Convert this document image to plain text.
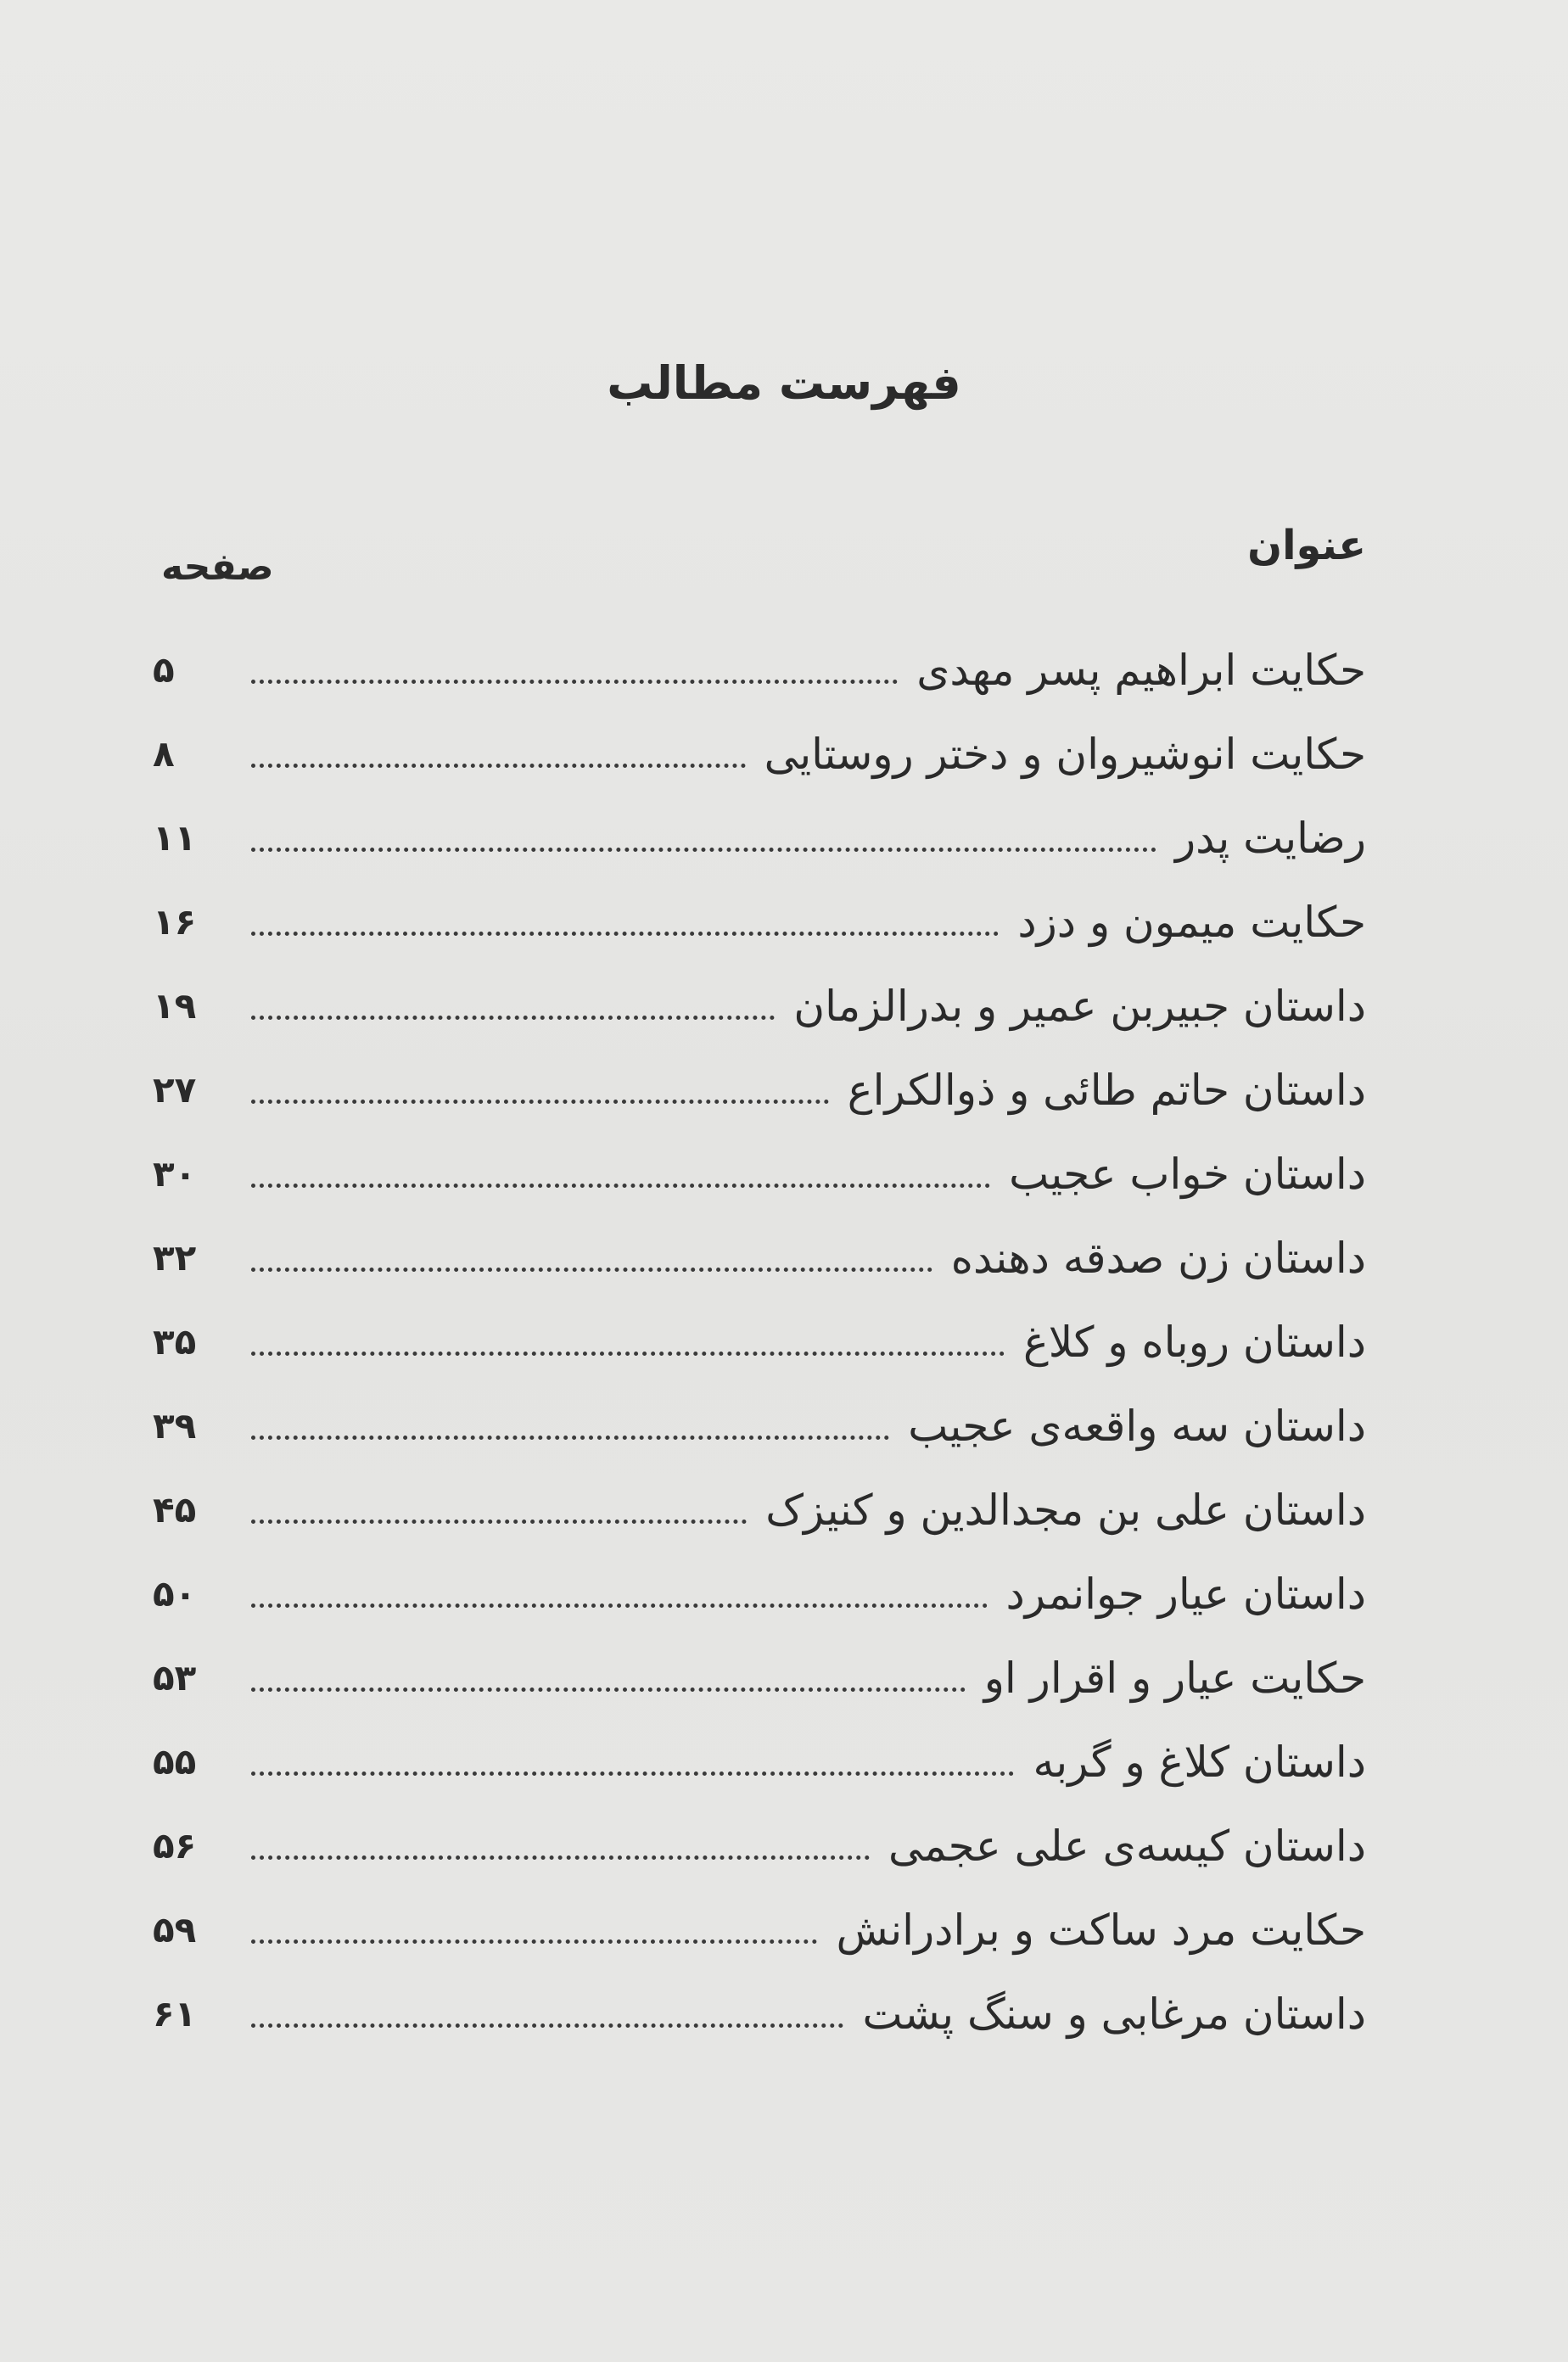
فهرست مطالب
عنوان
صفحه
حکایت ابراهیم پسر مهدی
۵
حکایت انوشیروان و دختر روستایی
۸
رضایت پدر
۱۱
حکایت میمون و دزد
۱۶
داستان جبیربن عمیر و بدرالزمان
۱۹
داستان حاتم طائی و ذوالکراع
۲۷
داستان خواب عجیب
۳۰
داستان زن صدقه دهنده
۳۲
داستان روباه و کلاغ
۳۵
داستان سه واقعه‌ی عجیب
۳۹
داستان علی بن مجدالدین و کنیزک
۴۵
داستان عیار جوانمرد
۵۰
حکایت عیار و اقرار او
۵۳
داستان کلاغ و گربه
۵۵
داستان کیسه‌ی علی عجمی
۵۶
حکایت مرد ساکت و برادرانش
۵۹
داستان مرغابی و سنگ پشت
۶۱
